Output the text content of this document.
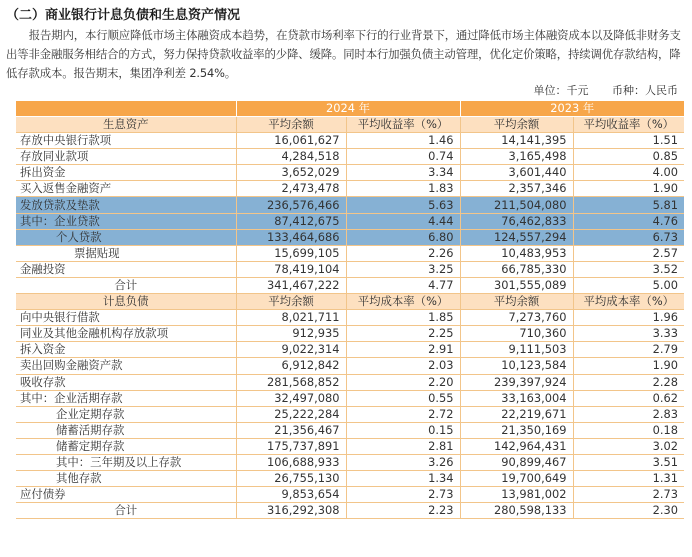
（二）商业银行计息负债和生息资产情况
报告期内，本行顺应降低市场主体融资成本趋势，在贷款市场利率下行的行业背景下，通过降低市场主体融资成本以及降低非财务支出等非金融服务相结合的方式，努力保持贷款收益率的少降、缓降。同时本行加强负债主动管理，优化定价策略，持续调优存款结构，降低存款成本。报告期末，集团净利差 2.54%。
单位：千元 币种：人民币
	2024 年		2023 年	
生息资产	平均余额	平均收益率（%）	平均余额	平均收益率（%）
存放中央银行款项	16,061,627	1.46	14,141,395	1.51
存放同业款项	4,284,518	0.74	3,165,498	0.85
拆出资金	3,652,029	3.34	3,601,440	4.00
买入返售金融资产	2,473,478	1.83	2,357,346	1.90
发放贷款及垫款	236,576,466	5.63	211,504,080	5.81
其中：企业贷款	87,412,675	4.44	76,462,833	4.76
个人贷款	133,464,686	6.80	124,557,294	6.73
票据贴现	15,699,105	2.26	10,483,953	2.57
金融投资	78,419,104	3.25	66,785,330	3.52
合计	341,467,222	4.77	301,555,089	5.00
计息负债	平均余额	平均成本率（%）	平均余额	平均成本率（%）
向中央银行借款	8,021,711	1.85	7,273,760	1.96
同业及其他金融机构存放款项	912,935	2.25	710,360	3.33
拆入资金	9,022,314	2.91	9,111,503	2.79
卖出回购金融资产款	6,912,842	2.03	10,123,584	1.90
吸收存款	281,568,852	2.20	239,397,924	2.28
其中：企业活期存款	32,497,080	0.55	33,163,004	0.62
企业定期存款	25,222,284	2.72	22,219,671	2.83
储蓄活期存款	21,356,467	0.15	21,350,169	0.18
储蓄定期存款	175,737,891	2.81	142,964,431	3.02
其中：三年期及以上存款	106,688,933	3.26	90,899,467	3.51
其他存款	26,755,130	1.34	19,700,649	1.31
应付债券	9,853,654	2.73	13,981,002	2.73
合计	316,292,308	2.23	280,598,133	2.30
